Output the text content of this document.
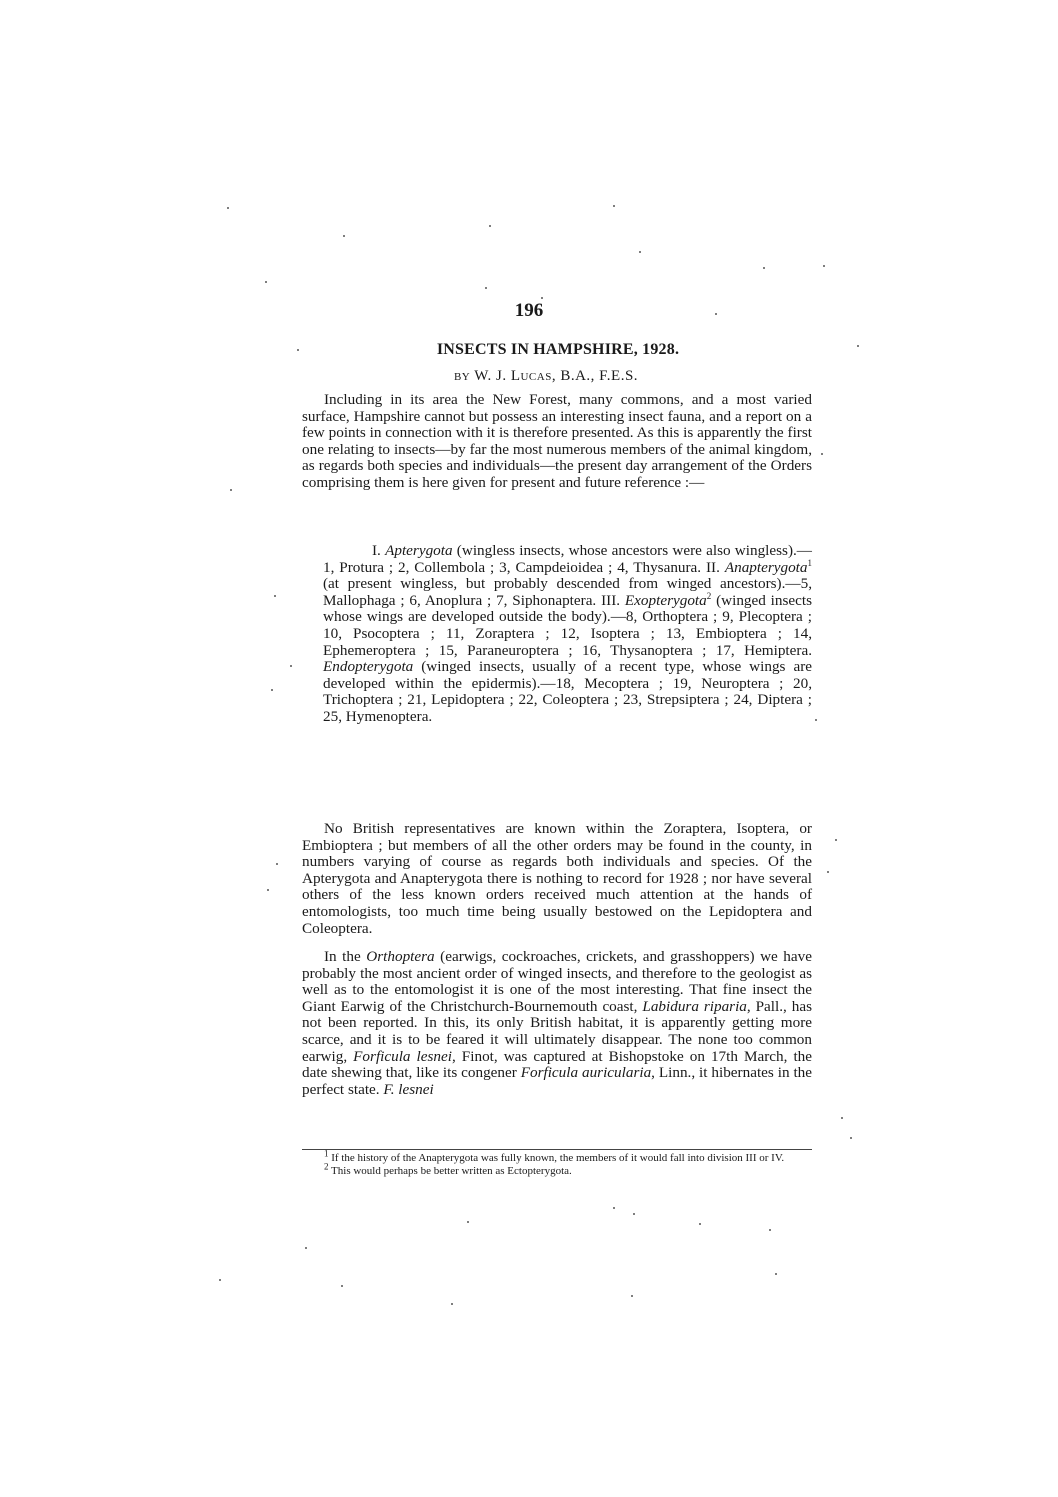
196
INSECTS IN HAMPSHIRE, 1928.
by W. J. Lucas, B.A., F.E.S.

Including in its area the New Forest, many commons, and a most varied surface, Hampshire cannot but possess an interesting insect fauna, and a report on a few points in connection with it is therefore presented. As this is apparently the first one relating to insects—by far the most numerous members of the animal kingdom, as regards both species and individuals—the present day arrangement of the Orders comprising them is here given for present and future reference :—

I. Apterygota (wingless insects, whose ancestors were also wingless).—1, Protura ; 2, Collembola ; 3, Campdeioidea ; 4, Thysanura. II. Anapterygota$^1$ (at present wingless, but probably descended from winged ancestors).—5, Mallophaga ; 6, Anoplura ; 7, Siphonaptera. III. Exopterygota$^2$ (winged insects whose wings are developed outside the body).—8, Orthoptera ; 9, Plecoptera ; 10, Psocoptera ; 11, Zoraptera ; 12, Isoptera ; 13, Embioptera ; 14, Ephemeroptera ; 15, Paraneuroptera ; 16, Thysanoptera ; 17, Hemiptera. Endopterygota (winged insects, usually of a recent type, whose wings are developed within the epidermis).—18, Mecoptera ; 19, Neuroptera ; 20, Trichoptera ; 21, Lepidoptera ; 22, Coleoptera ; 23, Strepsiptera ; 24, Diptera ; 25, Hymenoptera.

No British representatives are known within the Zoraptera, Isoptera, or Embioptera ; but members of all the other orders may be found in the county, in numbers varying of course as regards both individuals and species. Of the Apterygota and Anapterygota there is nothing to record for 1928 ; nor have several others of the less known orders received much attention at the hands of entomologists, too much time being usually bestowed on the Lepidoptera and Coleoptera.

In the Orthoptera (earwigs, cockroaches, crickets, and grasshoppers) we have probably the most ancient order of winged insects, and therefore to the geologist as well as to the entomologist it is one of the most interesting. That fine insect the Giant Earwig of the Christchurch-Bournemouth coast, Labidura riparia, Pall., has not been reported. In this, its only British habitat, it is apparently getting more scarce, and it is to be feared it will ultimately disappear. The none too common earwig, Forficula lesnei, Finot, was captured at Bishopstoke on 17th March, the date shewing that, like its congener Forficula auricularia, Linn., it hibernates in the perfect state. F. lesnei

$^1$ If the history of the Anapterygota was fully known, the members of it would fall into division III or IV.

$^2$ This would perhaps be better written as Ectopterygota.
